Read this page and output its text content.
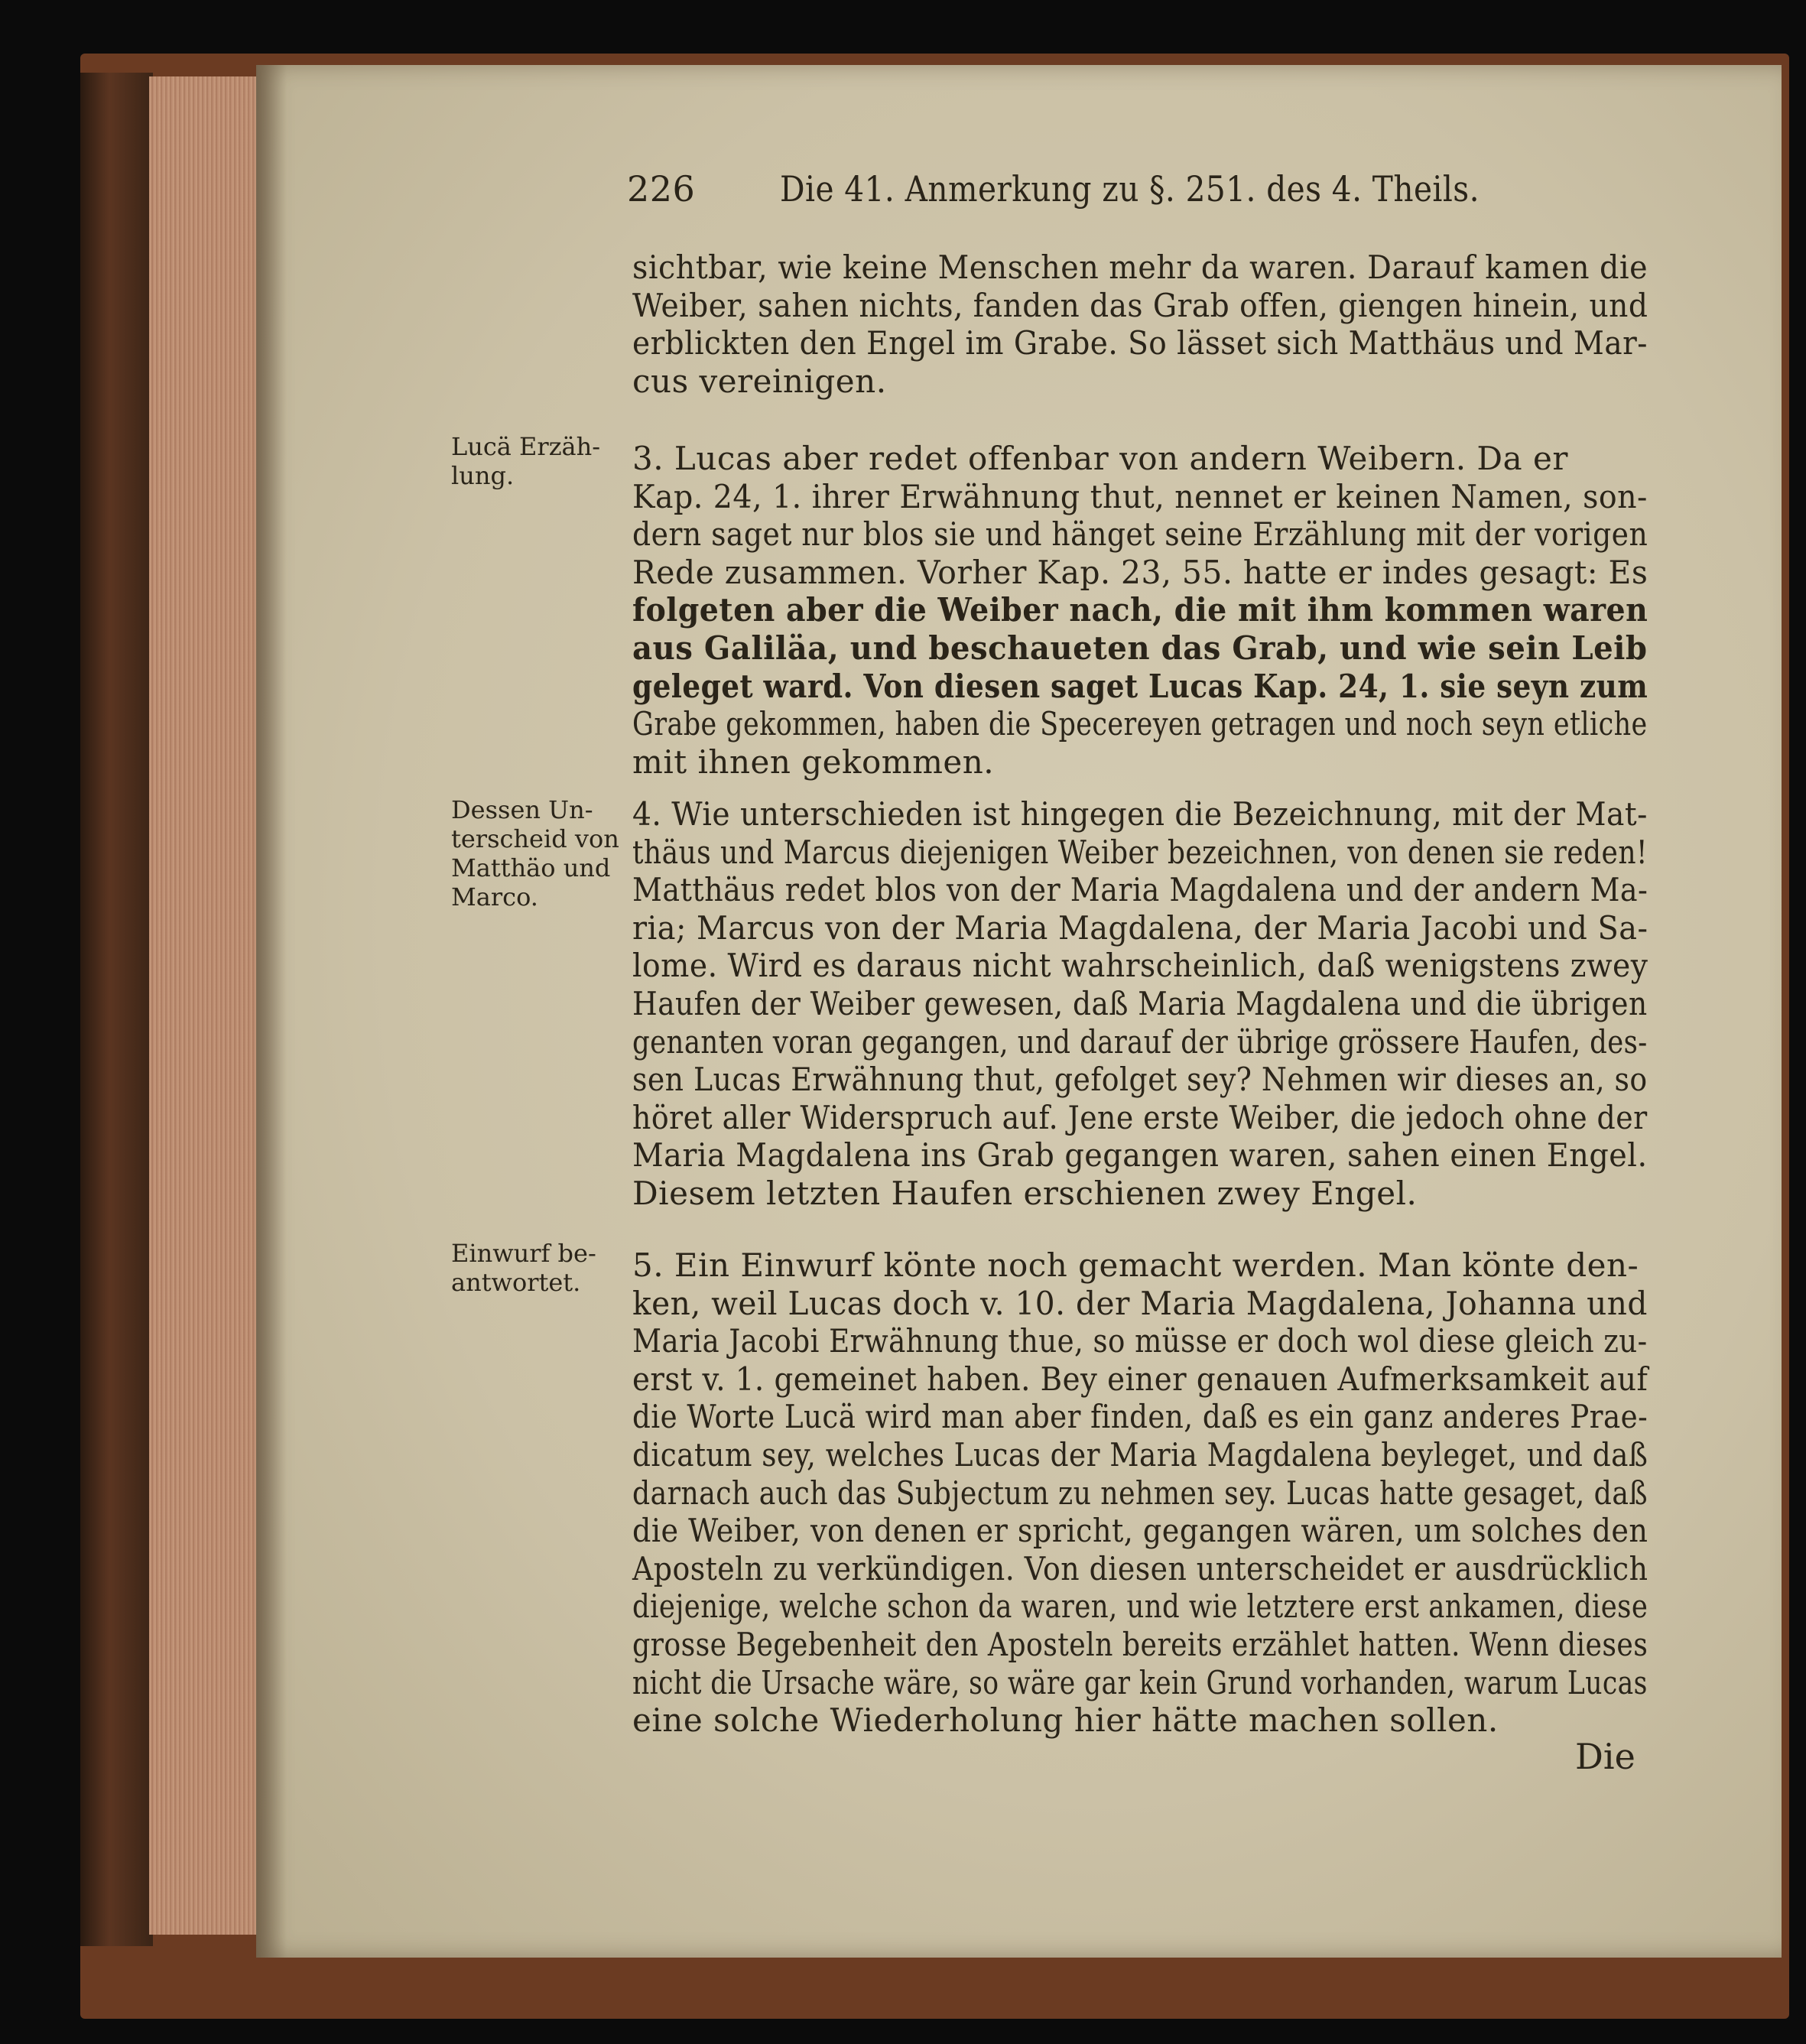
226 Die 41. Anmerkung zu §. 251. des 4. Theils.
sichtbar, wie keine Menschen mehr da waren. Darauf kamen die
Weiber, sahen nichts, fanden das Grab offen, giengen hinein, und
erblickten den Engel im Grabe. So lässet sich Matthäus und Mar-
cus vereinigen.
3. Lucas aber redet offenbar von andern Weibern. Da er
Kap. 24, 1. ihrer Erwähnung thut, nennet er keinen Namen, son-
dern saget nur blos sie und hänget seine Erzählung mit der vorigen
Rede zusammen. Vorher Kap. 23, 55. hatte er indes gesagt: Es
folgeten aber die Weiber nach, die mit ihm kommen waren
aus Galiläa, und beschaueten das Grab, und wie sein Leib
geleget ward. Von diesen saget Lucas Kap. 24, 1. sie seyn zum
Grabe gekommen, haben die Specereyen getragen und noch seyn etliche
mit ihnen gekommen.
Lucä Erzäh-
lung.
4. Wie unterschieden ist hingegen die Bezeichnung, mit der Mat-
thäus und Marcus diejenigen Weiber bezeichnen, von denen sie reden!
Matthäus redet blos von der Maria Magdalena und der andern Ma-
ria; Marcus von der Maria Magdalena, der Maria Jacobi und Sa-
lome. Wird es daraus nicht wahrscheinlich, daß wenigstens zwey
Haufen der Weiber gewesen, daß Maria Magdalena und die übrigen
genanten voran gegangen, und darauf der übrige grössere Haufen, des-
sen Lucas Erwähnung thut, gefolget sey? Nehmen wir dieses an, so
höret aller Widerspruch auf. Jene erste Weiber, die jedoch ohne der
Maria Magdalena ins Grab gegangen waren, sahen einen Engel.
Diesem letzten Haufen erschienen zwey Engel.
Dessen Un-
terscheid von
Matthäo und
Marco.
5. Ein Einwurf könte noch gemacht werden. Man könte den-
ken, weil Lucas doch v. 10. der Maria Magdalena, Johanna und
Maria Jacobi Erwähnung thue, so müsse er doch wol diese gleich zu-
erst v. 1. gemeinet haben. Bey einer genauen Aufmerksamkeit auf
die Worte Lucä wird man aber finden, daß es ein ganz anderes Prae-
dicatum sey, welches Lucas der Maria Magdalena beyleget, und daß
darnach auch das Subjectum zu nehmen sey. Lucas hatte gesaget, daß
die Weiber, von denen er spricht, gegangen wären, um solches den
Aposteln zu verkündigen. Von diesen unterscheidet er ausdrücklich
diejenige, welche schon da waren, und wie letztere erst ankamen, diese
grosse Begebenheit den Aposteln bereits erzählet hatten. Wenn dieses
nicht die Ursache wäre, so wäre gar kein Grund vorhanden, warum Lucas
eine solche Wiederholung hier hätte machen sollen.
Einwurf be-
antwortet.
Die
